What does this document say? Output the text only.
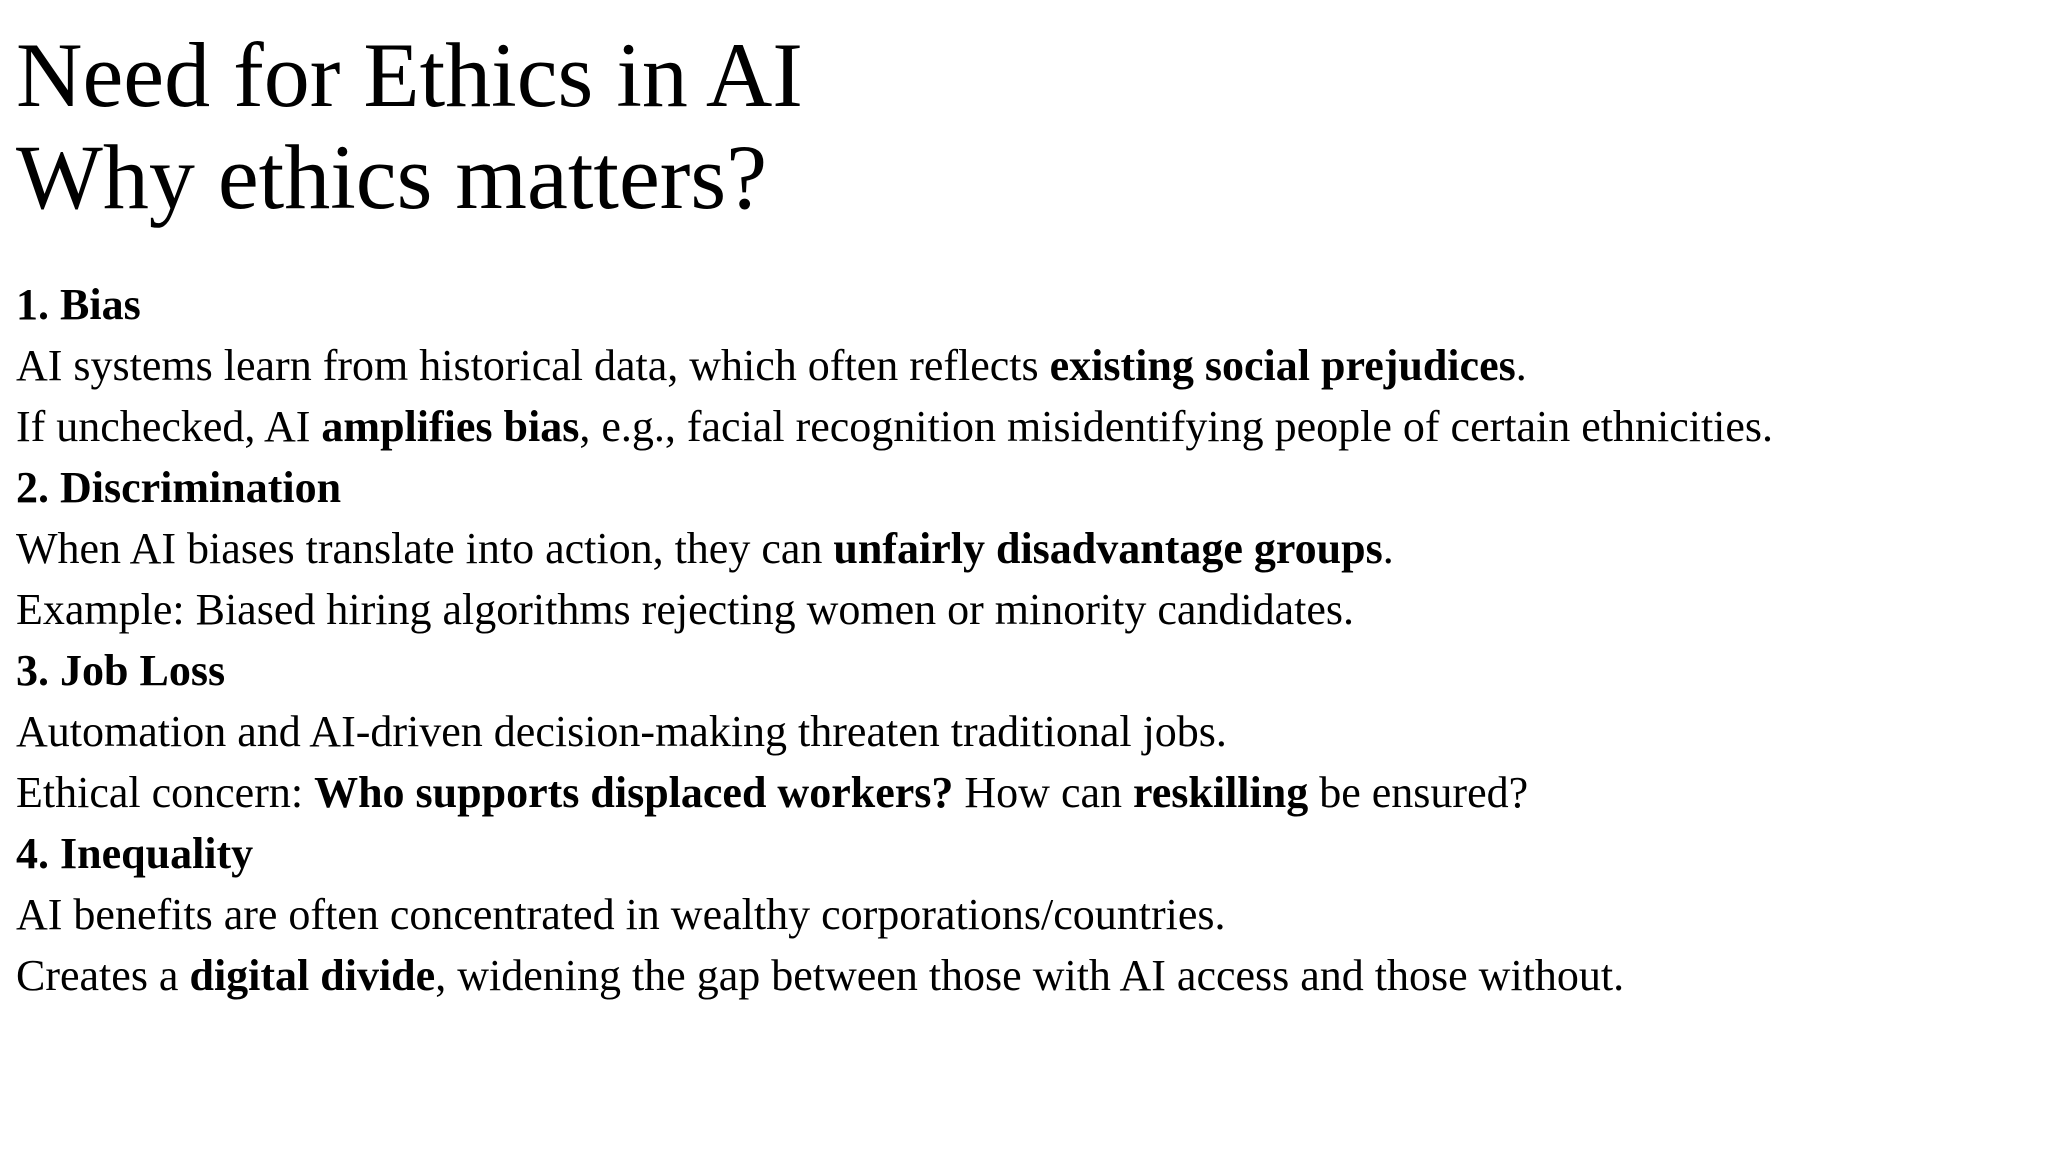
Need for Ethics in AI
Why ethics matters?
1. Bias
AI systems learn from historical data, which often reflects existing social prejudices.
If unchecked, AI amplifies bias, e.g., facial recognition misidentifying people of certain ethnicities.
2. Discrimination
When AI biases translate into action, they can unfairly disadvantage groups.
Example: Biased hiring algorithms rejecting women or minority candidates.
3. Job Loss
Automation and AI-driven decision-making threaten traditional jobs.
Ethical concern: Who supports displaced workers? How can reskilling be ensured?
4. Inequality
AI benefits are often concentrated in wealthy corporations/countries.
Creates a digital divide, widening the gap between those with AI access and those without.
